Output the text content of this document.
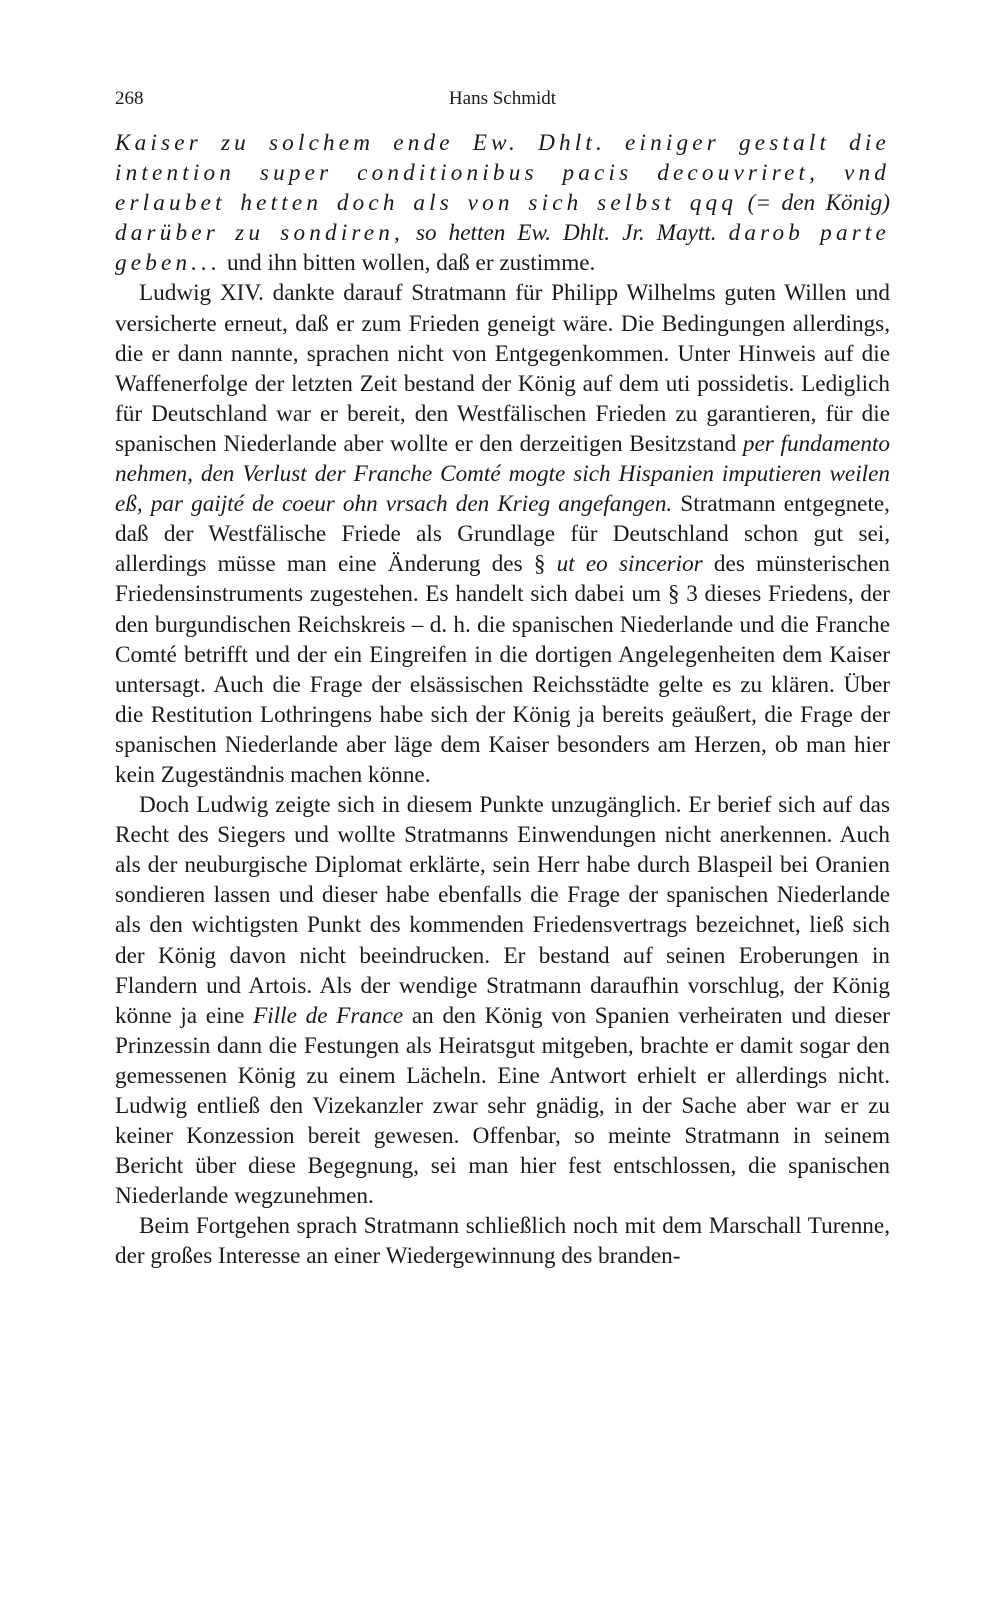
268	Hans Schmidt

Kaiser zu solchem ende Ew. Dhlt. einiger gestalt die intention super conditionibus pacis decouvriret, vnd erlaubet hetten doch als von sich selbst qqq (= den König) darüber zu sondiren, so hetten Ew. Dhlt. Jr. Maytt. darob parte geben... und ihn bitten wollen, daß er zustimme.

Ludwig XIV. dankte darauf Stratmann für Philipp Wilhelms guten Willen und versicherte erneut, daß er zum Frieden geneigt wäre. Die Bedingungen allerdings, die er dann nannte, sprachen nicht von Entgegenkommen. Unter Hinweis auf die Waffenerfolge der letzten Zeit bestand der König auf dem uti possidetis. Lediglich für Deutschland war er bereit, den Westfälischen Frieden zu garantieren, für die spanischen Niederlande aber wollte er den derzeitigen Besitzstand per fundamento nehmen, den Verlust der Franche Comté mogte sich Hispanien imputieren weilen eß, par gaijté de coeur ohn vrsach den Krieg angefangen. Stratmann entgegnete, daß der Westfälische Friede als Grundlage für Deutschland schon gut sei, allerdings müsse man eine Änderung des § ut eo sincerior des münsterischen Friedensinstruments zugestehen. Es handelt sich dabei um § 3 dieses Friedens, der den burgundischen Reichskreis – d. h. die spanischen Niederlande und die Franche Comté betrifft und der ein Eingreifen in die dortigen Angelegenheiten dem Kaiser untersagt. Auch die Frage der elsässischen Reichsstädte gelte es zu klären. Über die Restitution Lothringens habe sich der König ja bereits geäußert, die Frage der spanischen Niederlande aber läge dem Kaiser besonders am Herzen, ob man hier kein Zugeständnis machen könne.

Doch Ludwig zeigte sich in diesem Punkte unzugänglich. Er berief sich auf das Recht des Siegers und wollte Stratmanns Einwendungen nicht anerkennen. Auch als der neuburgische Diplomat erklärte, sein Herr habe durch Blaspeil bei Oranien sondieren lassen und dieser habe ebenfalls die Frage der spanischen Niederlande als den wichtigsten Punkt des kommenden Friedensvertrags bezeichnet, ließ sich der König davon nicht beeindrucken. Er bestand auf seinen Eroberungen in Flandern und Artois. Als der wendige Stratmann daraufhin vorschlug, der König könne ja eine Fille de France an den König von Spanien verheiraten und dieser Prinzessin dann die Festungen als Heiratsgut mitgeben, brachte er damit sogar den gemessenen König zu einem Lächeln. Eine Antwort erhielt er allerdings nicht. Ludwig entließ den Vizekanzler zwar sehr gnädig, in der Sache aber war er zu keiner Konzession bereit gewesen. Offenbar, so meinte Stratmann in seinem Bericht über diese Begegnung, sei man hier fest entschlossen, die spanischen Niederlande wegzunehmen.

Beim Fortgehen sprach Stratmann schließlich noch mit dem Marschall Turenne, der großes Interesse an einer Wiedergewinnung des branden-
